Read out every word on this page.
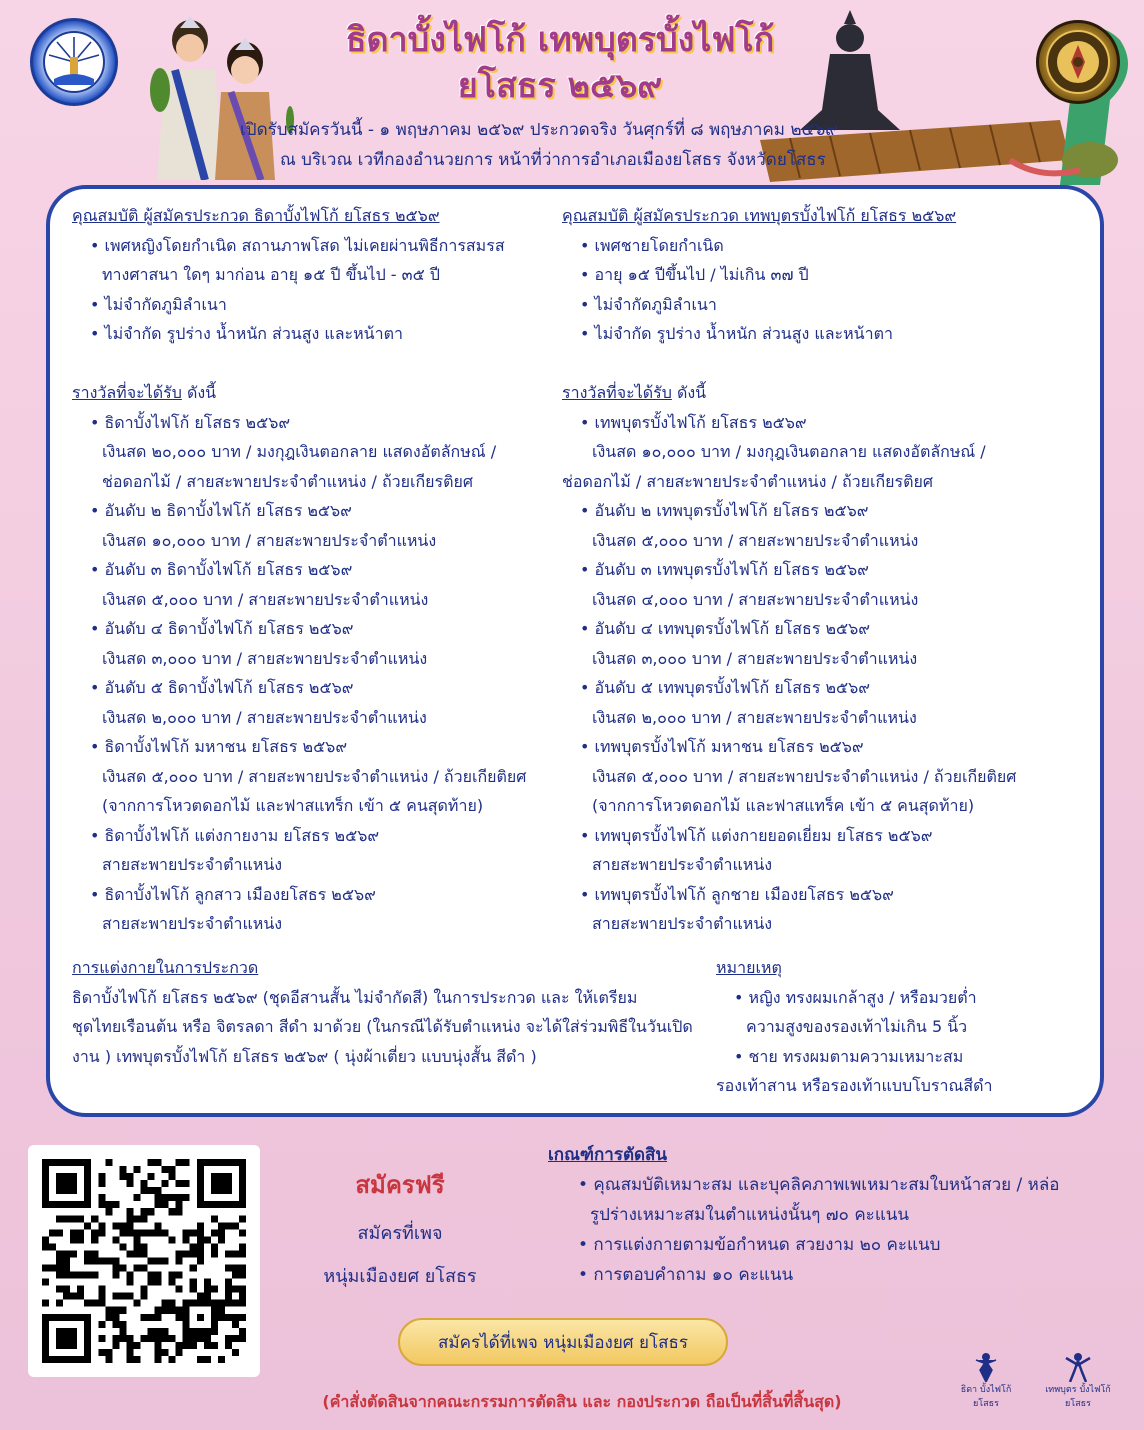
ธิดาบั้งไฟโก้ เทพบุตรบั้งไฟโก้
ยโสธร ๒๕๖๙
เปิดรับสมัครวันนี้ - ๑ พฤษภาคม ๒๕๖๙ ประกวดจริง วันศุกร์ที่ ๘ พฤษภาคม ๒๕๖๙
ณ บริเวณ เวทีกองอำนวยการ หน้าที่ว่าการอำเภอเมืองยโสธร จังหวัดยโสธร
คุณสมบัติ ผู้สมัครประกวด ธิดาบั้งไฟโก้ ยโสธร ๒๕๖๙
• เพศหญิงโดยกำเนิด สถานภาพโสด ไม่เคยผ่านพิธีการสมรส
ทางศาสนา ใดๆ มาก่อน อายุ ๑๕ ปี ขึ้นไป - ๓๕ ปี
• ไม่จำกัดภูมิลำเนา
• ไม่จำกัด รูปร่าง น้ำหนัก ส่วนสูง และหน้าตา
รางวัลที่จะได้รับ ดังนี้
• ธิดาบั้งไฟโก้ ยโสธร ๒๕๖๙
เงินสด ๒๐,๐๐๐ บาท / มงกุฎเงินตอกลาย แสดงอัตลักษณ์ /
ช่อดอกไม้ / สายสะพายประจำตำแหน่ง / ถ้วยเกียรติยศ
• อันดับ ๒ ธิดาบั้งไฟโก้ ยโสธร ๒๕๖๙
เงินสด ๑๐,๐๐๐ บาท / สายสะพายประจำตำแหน่ง
• อันดับ ๓ ธิดาบั้งไฟโก้ ยโสธร ๒๕๖๙
เงินสด ๕,๐๐๐ บาท / สายสะพายประจำตำแหน่ง
• อันดับ ๔ ธิดาบั้งไฟโก้ ยโสธร ๒๕๖๙
เงินสด ๓,๐๐๐ บาท / สายสะพายประจำตำแหน่ง
• อันดับ ๕ ธิดาบั้งไฟโก้ ยโสธร ๒๕๖๙
เงินสด ๒,๐๐๐ บาท / สายสะพายประจำตำแหน่ง
• ธิดาบั้งไฟโก้ มหาชน ยโสธร ๒๕๖๙
เงินสด ๕,๐๐๐ บาท / สายสะพายประจำตำแหน่ง / ถ้วยเกียติยศ
(จากการโหวตดอกไม้ และฟาสแทร็ก เข้า ๕ คนสุดท้าย)
• ธิดาบั้งไฟโก้ แต่งกายงาม ยโสธร ๒๕๖๙
สายสะพายประจำตำแหน่ง
• ธิดาบั้งไฟโก้ ลูกสาว เมืองยโสธร ๒๕๖๙
สายสะพายประจำตำแหน่ง
คุณสมบัติ ผู้สมัครประกวด เทพบุตรบั้งไฟโก้ ยโสธร ๒๕๖๙
• เพศชายโดยกำเนิด
• อายุ ๑๕ ปีขึ้นไป / ไม่เกิน ๓๗ ปี
• ไม่จำกัดภูมิลำเนา
• ไม่จำกัด รูปร่าง น้ำหนัก ส่วนสูง และหน้าตา
รางวัลที่จะได้รับ ดังนี้
• เทพบุตรบั้งไฟโก้ ยโสธร ๒๕๖๙
เงินสด ๑๐,๐๐๐ บาท / มงกุฎเงินตอกลาย แสดงอัตลักษณ์ /
ช่อดอกไม้ / สายสะพายประจำตำแหน่ง / ถ้วยเกียรติยศ
• อันดับ ๒ เทพบุตรบั้งไฟโก้ ยโสธร ๒๕๖๙
เงินสด ๕,๐๐๐ บาท / สายสะพายประจำตำแหน่ง
• อันดับ ๓ เทพบุตรบั้งไฟโก้ ยโสธร ๒๕๖๙
เงินสด ๔,๐๐๐ บาท / สายสะพายประจำตำแหน่ง
• อันดับ ๔ เทพบุตรบั้งไฟโก้ ยโสธร ๒๕๖๙
เงินสด ๓,๐๐๐ บาท / สายสะพายประจำตำแหน่ง
• อันดับ ๕ เทพบุตรบั้งไฟโก้ ยโสธร ๒๕๖๙
เงินสด ๒,๐๐๐ บาท / สายสะพายประจำตำแหน่ง
• เทพบุตรบั้งไฟโก้ มหาชน ยโสธร ๒๕๖๙
เงินสด ๕,๐๐๐ บาท / สายสะพายประจำตำแหน่ง / ถ้วยเกียติยศ
(จากการโหวตดอกไม้ และฟาสแทร็ค เข้า ๕ คนสุดท้าย)
• เทพบุตรบั้งไฟโก้ แต่งกายยอดเยี่ยม ยโสธร ๒๕๖๙
สายสะพายประจำตำแหน่ง
• เทพบุตรบั้งไฟโก้ ลูกชาย เมืองยโสธร ๒๕๖๙
สายสะพายประจำตำแหน่ง
การแต่งกายในการประกวด
ธิดาบั้งไฟโก้ ยโสธร ๒๕๖๙ (ชุดอีสานสั้น ไม่จำกัดสี) ในการประกวด และ ให้เตรียม
ชุดไทยเรือนต้น หรือ จิตรลดา สีดำ มาด้วย (ในกรณีได้รับตำแหน่ง จะได้ใส่ร่วมพิธีในวันเปิด
งาน ) เทพบุตรบั้งไฟโก้ ยโสธร ๒๕๖๙ ( นุ่งผ้าเตี่ยว แบบนุ่งสั้น สีดำ )
หมายเหตุ
• หญิง ทรงผมเกล้าสูง / หรือมวยต่ำ
ความสูงของรองเท้าไม่เกิน 5 นิ้ว
• ชาย ทรงผมตามความเหมาะสม
รองเท้าสาน หรือรองเท้าแบบโบราณสีดำ
สมัครฟรี
สมัครที่เพจ
หนุ่มเมืองยศ ยโสธร
เกณฑ์การตัดสิน
• คุณสมบัติเหมาะสม และบุคลิคภาพเพเหมาะสมใบหน้าสวย / หล่อ
รูปร่างเหมาะสมในตำแหน่งนั้นๆ ๗๐ คะแนน
• การแต่งกายตามข้อกำหนด สวยงาม ๒๐ คะแนบ
• การตอบคำถาม ๑๐ คะแนน
สมัครได้ที่เพจ หนุ่มเมืองยศ ยโสธร
ธิดา บั้งไฟโก้
ยโสธร
เทพบุตร บั้งไฟโก้
ยโสธร
(คำสั่งตัดสินจากคณะกรรมการตัดสิน และ กองประกวด ถือเป็นที่สิ้นที่สิ้นสุด)
